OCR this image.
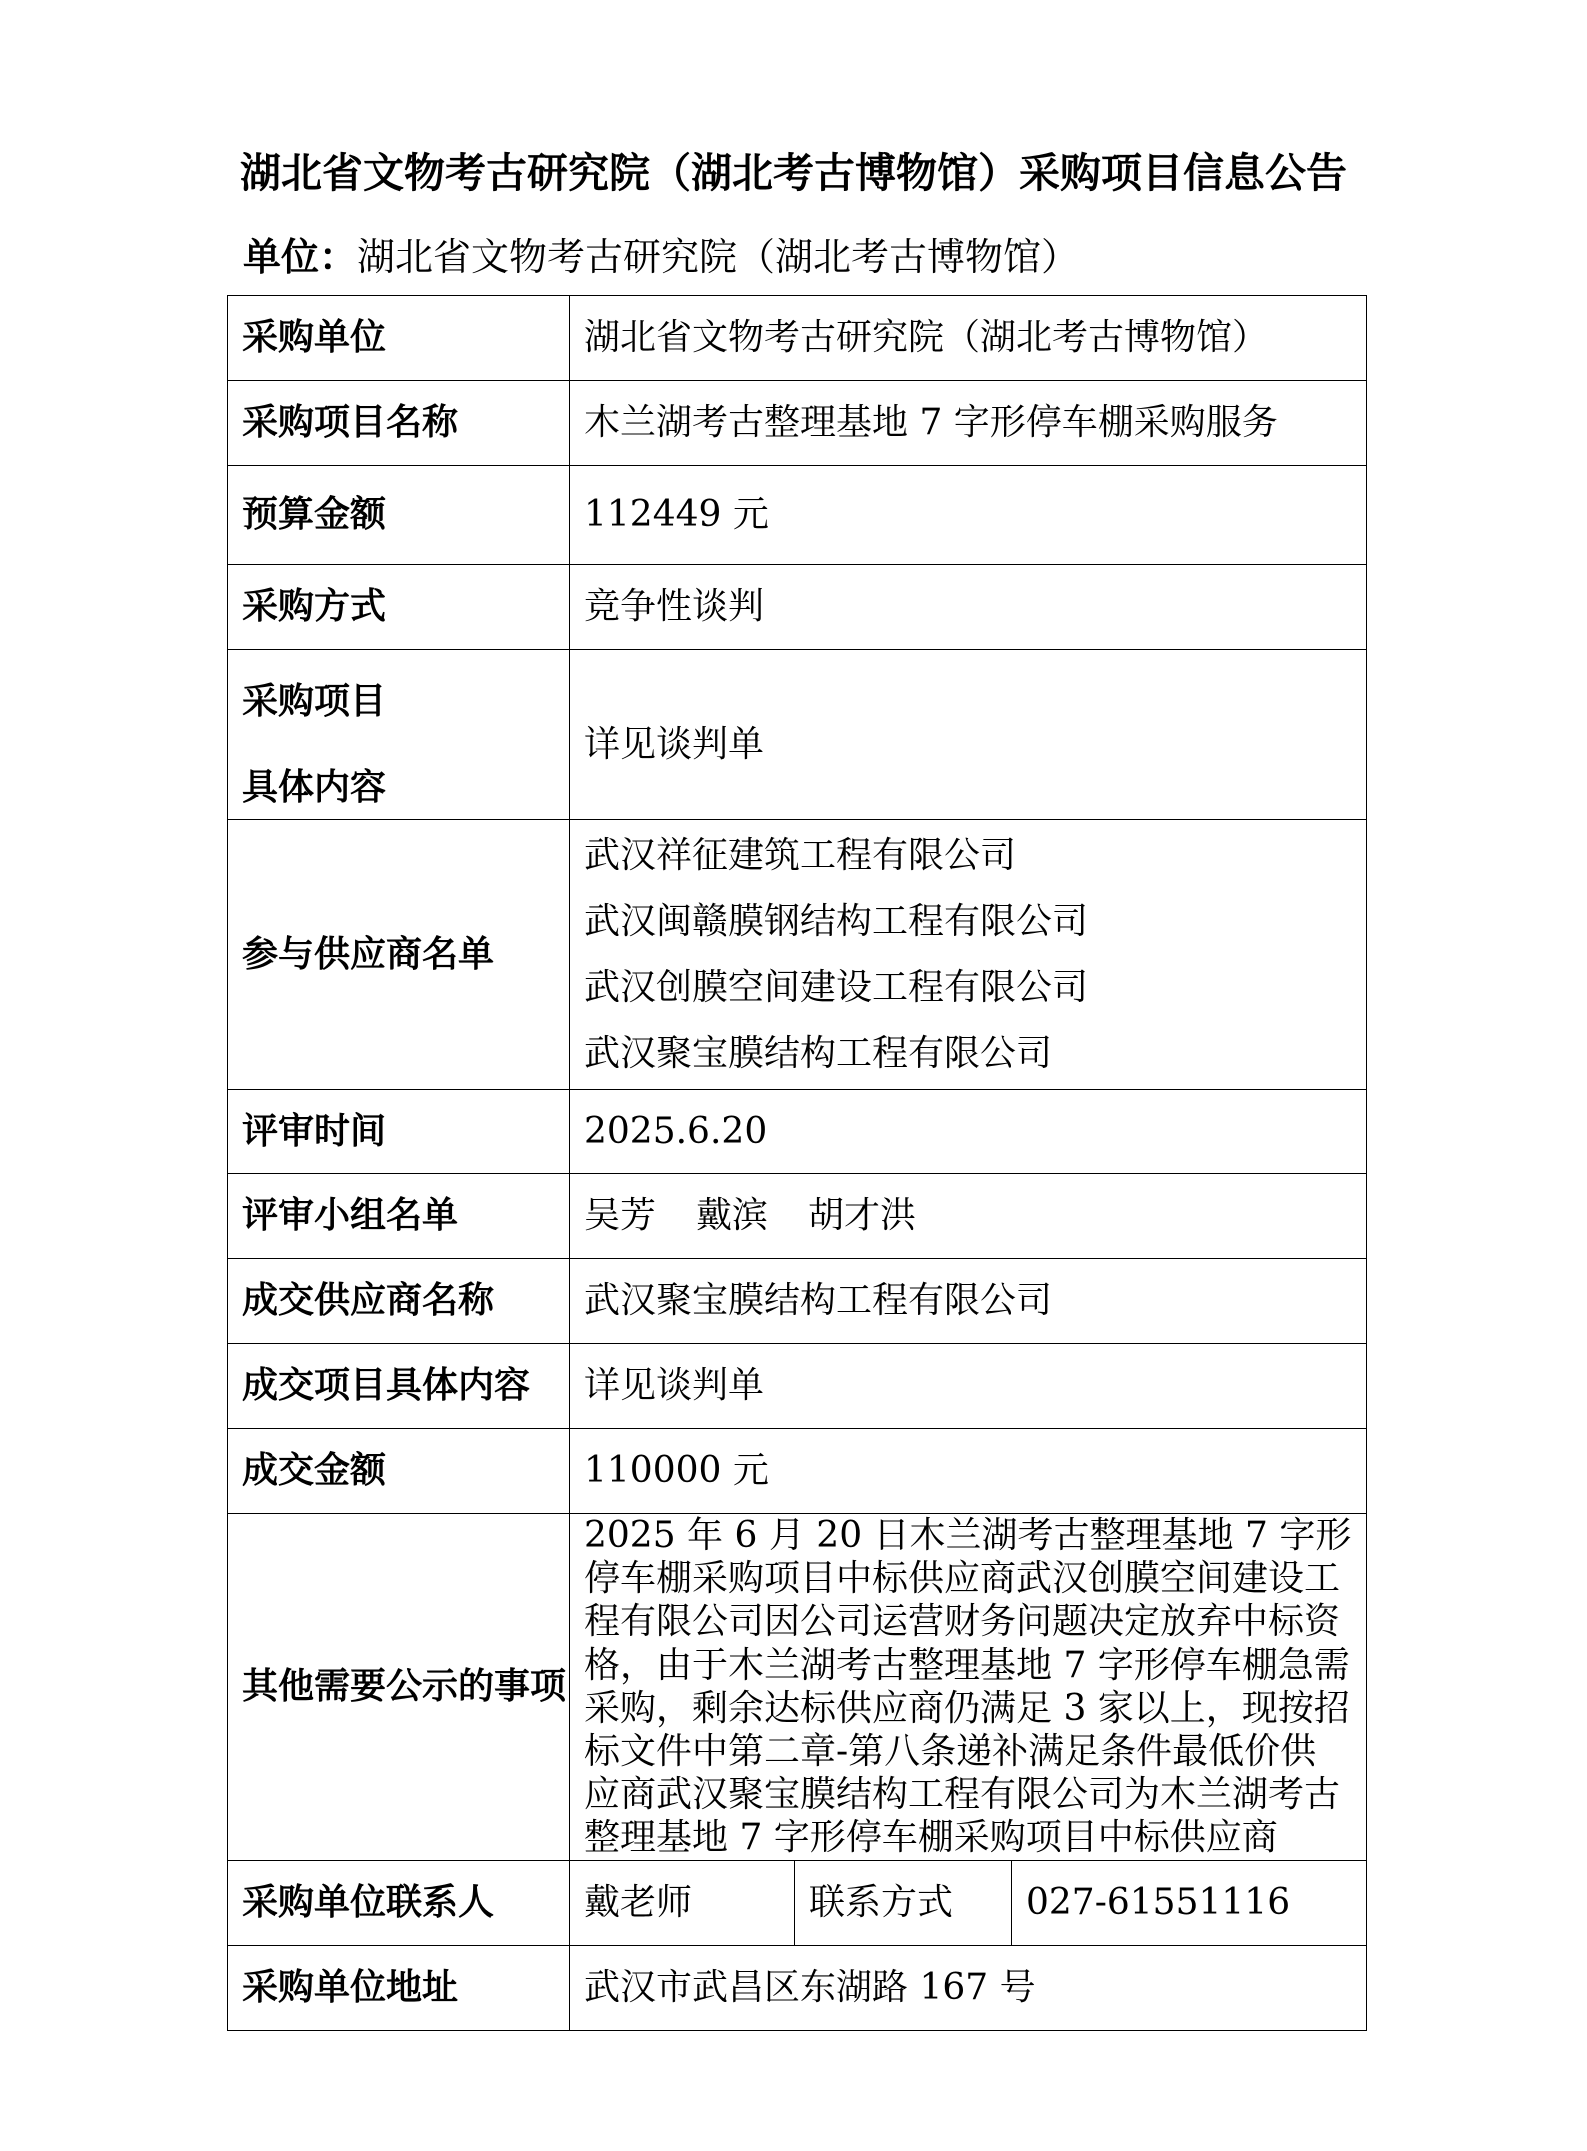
湖北省文物考古研究院（湖北考古博物馆）采购项目信息公告
单位：湖北省文物考古研究院（湖北考古博物馆）
采购单位	湖北省文物考古研究院（湖北考古博物馆）		
采购项目名称	木兰湖考古整理基地 7 字形停车棚采购服务		
预算金额	112449 元		
采购方式	竞争性谈判		

采购项目
具体内容	详见谈判单		
参与供应商名单	武汉祥征建筑工程有限公司
武汉闽赣膜钢结构工程有限公司
武汉创膜空间建设工程有限公司
武汉聚宝膜结构工程有限公司		

评审时间	2025.6.20		
评审小组名单	吴芳 戴滨 胡才洪		
成交供应商名称	武汉聚宝膜结构工程有限公司		
成交项目具体内容	详见谈判单		
成交金额	110000 元		
其他需要公示的事项	2025 年 6 月 20 日木兰湖考古整理基地 7 字形停车棚采购项目中标供应商武汉创膜空间建设工程有限公司因公司运营财务问题决定放弃中标资格，由于木兰湖考古整理基地 7 字形停车棚急需采购，剩余达标供应商仍满足 3 家以上，现按招标文件中第二章-第八条递补满足条件最低价供应商武汉聚宝膜结构工程有限公司为木兰湖考古整理基地 7 字形停车棚采购项目中标供应商		
采购单位联系人	戴老师	联系方式	027-61551116
采购单位地址	武汉市武昌区东湖路 167 号		
